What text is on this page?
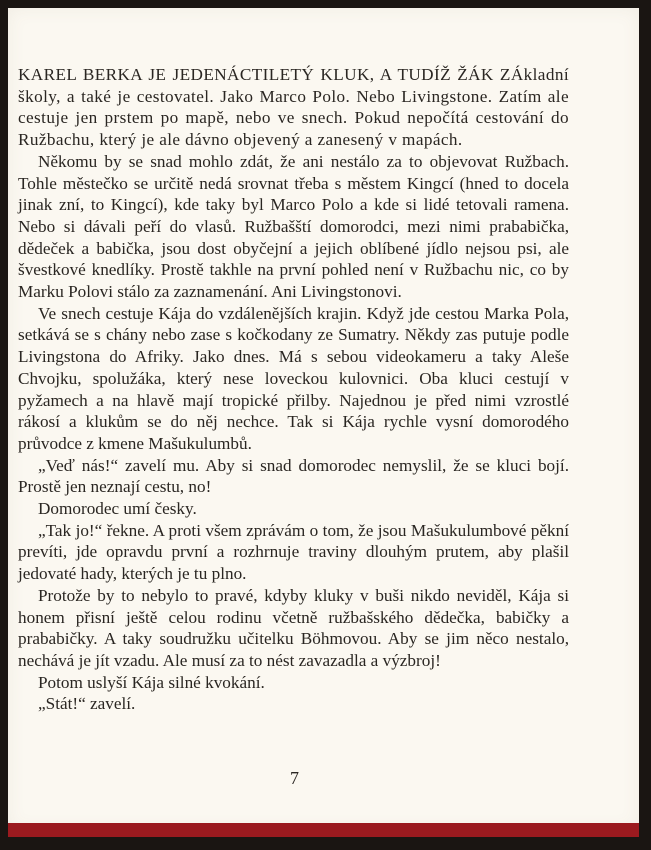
KAREL BERKA JE JEDENÁCTILETÝ KLUK, A TUDÍŽ ŽÁK ZÁkladní školy, a také je cestovatel. Jako Marco Polo. Nebo Livingstone. Zatím ale cestuje jen prstem po mapě, nebo ve snech. Pokud nepočítá cestování do Ružbachu, který je ale dávno objevený a zanesený v mapách.

Někomu by se snad mohlo zdát, že ani nestálo za to objevovat Ružbach. Tohle městečko se určitě nedá srovnat třeba s městem Kingcí (hned to docela jinak zní, to Kingcí), kde taky byl Marco Polo a kde si lidé tetovali ramena. Nebo si dávali peří do vlasů. Ružbašští domorodci, mezi nimi prababička, dědeček a babička, jsou dost obyčejní a jejich oblíbené jídlo nejsou psi, ale švestkové knedlíky. Prostě takhle na první pohled není v Ružbachu nic, co by Marku Polovi stálo za zaznamenání. Ani Livingstonovi.

Ve snech cestuje Kája do vzdálenějších krajin. Když jde cestou Marka Pola, setkává se s chány nebo zase s kočkodany ze Sumatry. Někdy zas putuje podle Livingstona do Afriky. Jako dnes. Má s sebou videokameru a taky Aleše Chvojku, spolužáka, který nese loveckou kulovnici. Oba kluci cestují v pyžamech a na hlavě mají tropické přilby. Najednou je před nimi vzrostlé rákosí a klukům se do něj nechce. Tak si Kája rychle vysní domorodého průvodce z kmene Mašukulumbů.

„Veď nás!“ zavelí mu. Aby si snad domorodec nemyslil, že se kluci bojí. Prostě jen neznají cestu, no!

Domorodec umí česky.

„Tak jo!“ řekne. A proti všem zprávám o tom, že jsou Mašukulumbové pěkní prevíti, jde opravdu první a rozhrnuje traviny dlouhým prutem, aby plašil jedovaté hady, kterých je tu plno.

Protože by to nebylo to pravé, kdyby kluky v buši nikdo neviděl, Kája si honem přisní ještě celou rodinu včetně ružbašského dědečka, babičky a prababičky. A taky soudružku učitelku Böhmovou. Aby se jim něco nestalo, nechává je jít vzadu. Ale musí za to nést zavazadla a výzbroj!

Potom uslyší Kája silné kvokání.

„Stát!“ zavelí.

7
